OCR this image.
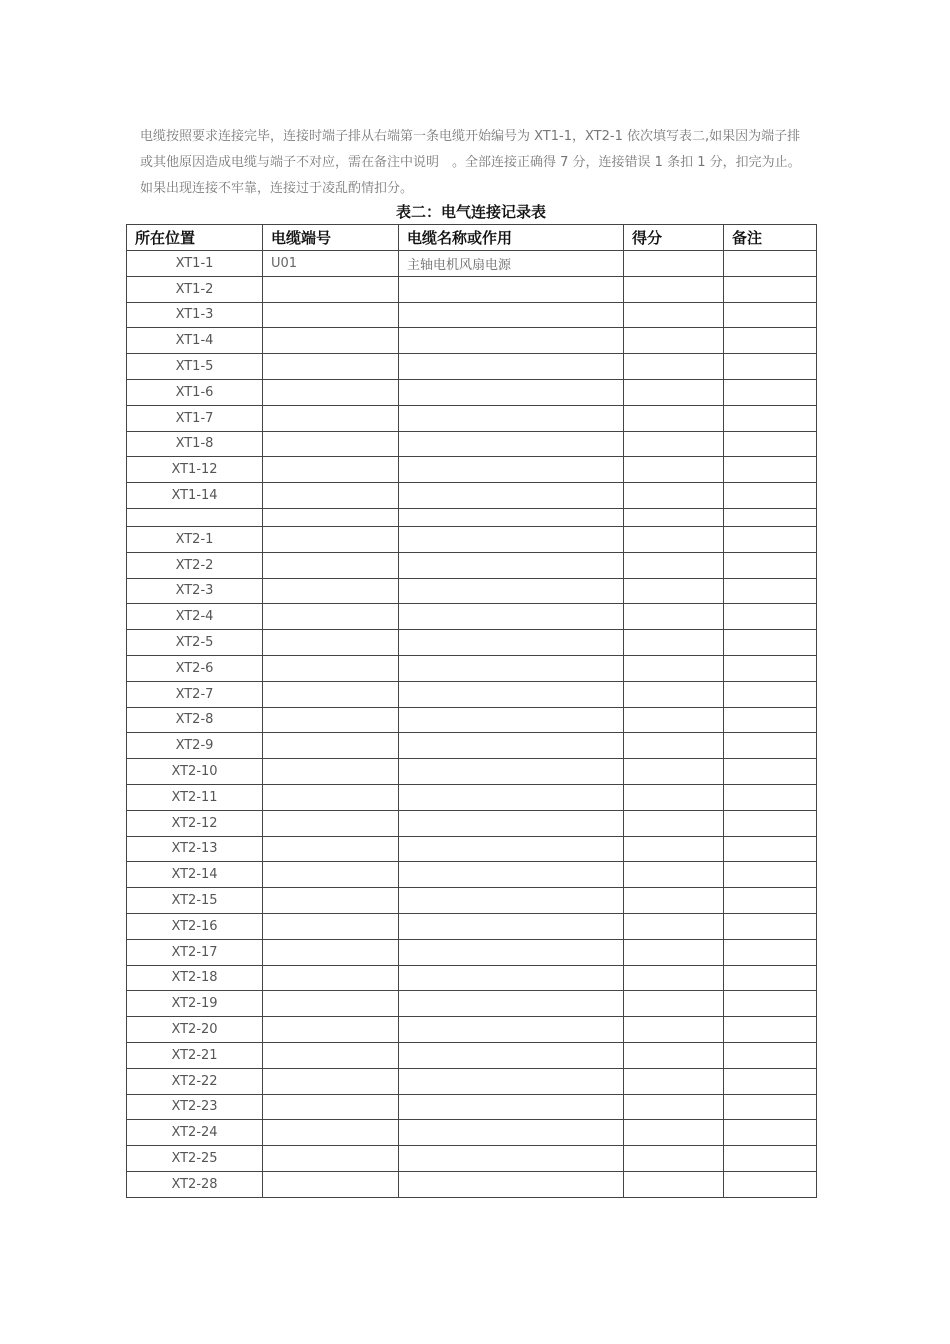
电缆按照要求连接完毕，连接时端子排从右端第一条电缆开始编号为 XT1-1，XT2-1 依次填写表二,如果因为端子排或其他原因造成电缆与端子不对应，需在备注中说明　。全部连接正确得 7 分，连接错误 1 条扣 1 分，扣完为止。如果出现连接不牢靠，连接过于凌乱酌情扣分。

表二：电气连接记录表

所在位置	电缆端号	电缆名称或作用	得分	备注
XT1-1	U01	主轴电机风扇电源		
XT1-2				
XT1-3				
XT1-4				
XT1-5				
XT1-6				
XT1-7				
XT1-8				
XT1-12				
XT1-14				

XT2-1				
XT2-2				
XT2-3				
XT2-4				
XT2-5				
XT2-6				
XT2-7				
XT2-8				
XT2-9				
XT2-10				
XT2-11				
XT2-12				
XT2-13				
XT2-14				
XT2-15				
XT2-16				
XT2-17				
XT2-18				
XT2-19				
XT2-20				
XT2-21				
XT2-22				
XT2-23				
XT2-24				
XT2-25				
XT2-28				
